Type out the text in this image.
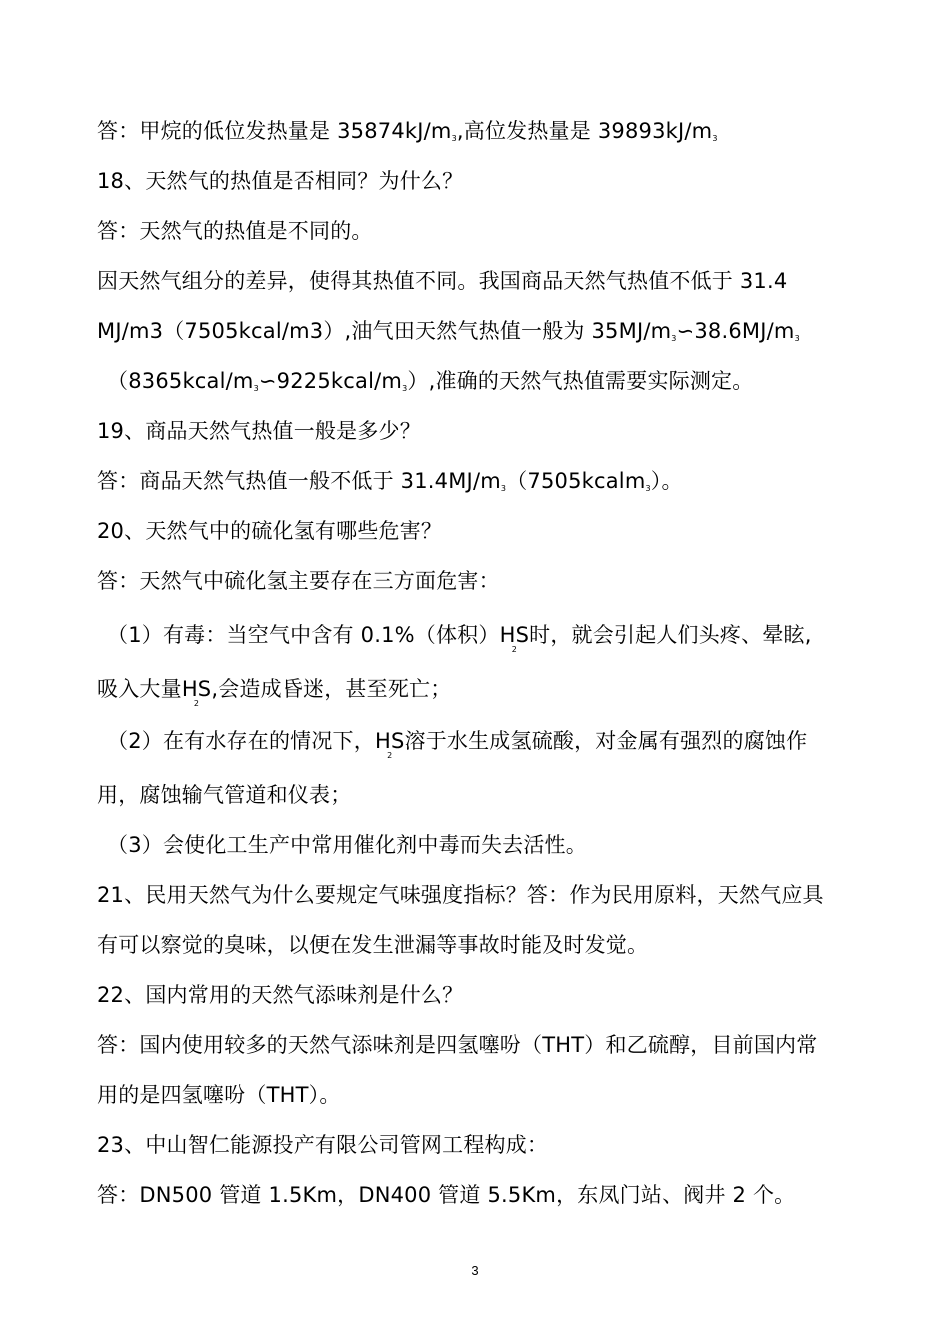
答：甲烷的低位发热量是 35874kJ/m3,高位发热量是 39893kJ/m3
18、天然气的热值是否相同？为什么？
答：天然气的热值是不同的。
因天然气组分的差异，使得其热值不同。我国商品天然气热值不低于 31.4
MJ/m3（7505kcal/m3）,油气田天然气热值一般为 35MJ/m3∽38.6MJ/m3
（8365kcal/m3∽9225kcal/m3）,准确的天然气热值需要实际测定。
19、商品天然气热值一般是多少？
答：商品天然气热值一般不低于 31.4MJ/m3（7505kcalm3）。
20、天然气中的硫化氢有哪些危害？
答：天然气中硫化氢主要存在三方面危害：
（1）有毒：当空气中含有 0.1%（体积）HS
2
时，就会引起人们头疼、晕眩,
吸入大量HS
2
,会造成昏迷，甚至死亡；
（2）在有水存在的情况下，HS
2
溶于水生成氢硫酸，对金属有强烈的腐蚀作
用，腐蚀输气管道和仪表；
（3）会使化工生产中常用催化剂中毒而失去活性。
21、民用天然气为什么要规定气味强度指标？答：作为民用原料，天然气应具
有可以察觉的臭味，以便在发生泄漏等事故时能及时发觉。
22、国内常用的天然气添味剂是什么？
答：国内使用较多的天然气添味剂是四氢噻吩（THT）和乙硫醇，目前国内常
用的是四氢噻吩（THT）。
23、中山智仁能源投产有限公司管网工程构成：
答：DN500 管道 1.5Km，DN400 管道 5.5Km，东凤门站、阀井 2 个。
3
